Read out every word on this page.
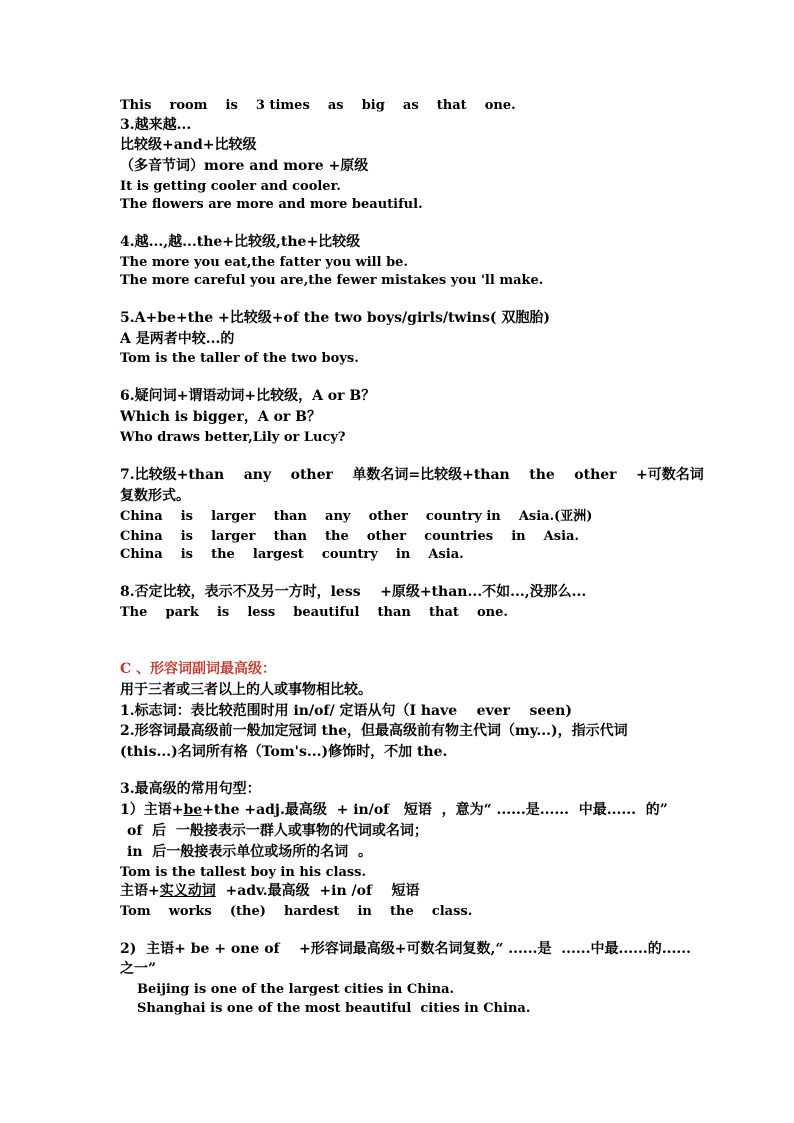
This    room    is    3 times    as    big    as    that    one.
3.越来越...
比较级+and+比较级
（多音节词）more and more +原级
It is getting cooler and cooler.
The flowers are more and more beautiful.
4.越...,越...the+比较级,the+比较级
The more you eat,the fatter you will be.
The more careful you are,the fewer mistakes you 'll make.
5.A+be+the +比较级+of the two boys/girls/twins( 双胞胎)
A 是两者中较...的
Tom is the taller of the two boys.
6.疑问词+谓语动词+比较级，A or B？
Which is bigger，A or B？
Who draws better,Lily or Lucy?
7.比较级+than    any    other    单数名词=比较级+than    the    other    +可数名词
复数形式。
China    is    larger    than    any    other    country in    Asia.(亚洲)
China    is    larger    than    the    other    countries    in    Asia.
China    is    the    largest    country    in    Asia.
8.否定比较，表示不及另一方时，less    +原级+than...不如...,没那么...
The    park    is    less    beautiful    than    that    one.
C 、形容词副词最高级：
用于三者或三者以上的人或事物相比较。
1.标志词：表比较范围时用 in/of/ 定语从句（I have    ever    seen)
2.形容词最高级前一般加定冠词 the，但最高级前有物主代词（my...)，指示代词
(this...)名词所有格（Tom's...)修饰时，不加 the.
3.最高级的常用句型：
1）主语+be+the +adj.最高级  + in/of   短语  ，意为“ ......是......  中最......  的”
of  后  一般接表示一群人或事物的代词或名词；
in  后一般接表示单位或场所的名词  。
Tom is the tallest boy in his class.
主语+实义动词  +adv.最高级  +in /of    短语
Tom    works    (the)    hardest    in    the    class.
2)  主语+ be + one of    +形容词最高级+可数名词复数,“ ......是  ......中最......的......
之一”
Beijing is one of the largest cities in China.
Shanghai is one of the most beautiful  cities in China.
